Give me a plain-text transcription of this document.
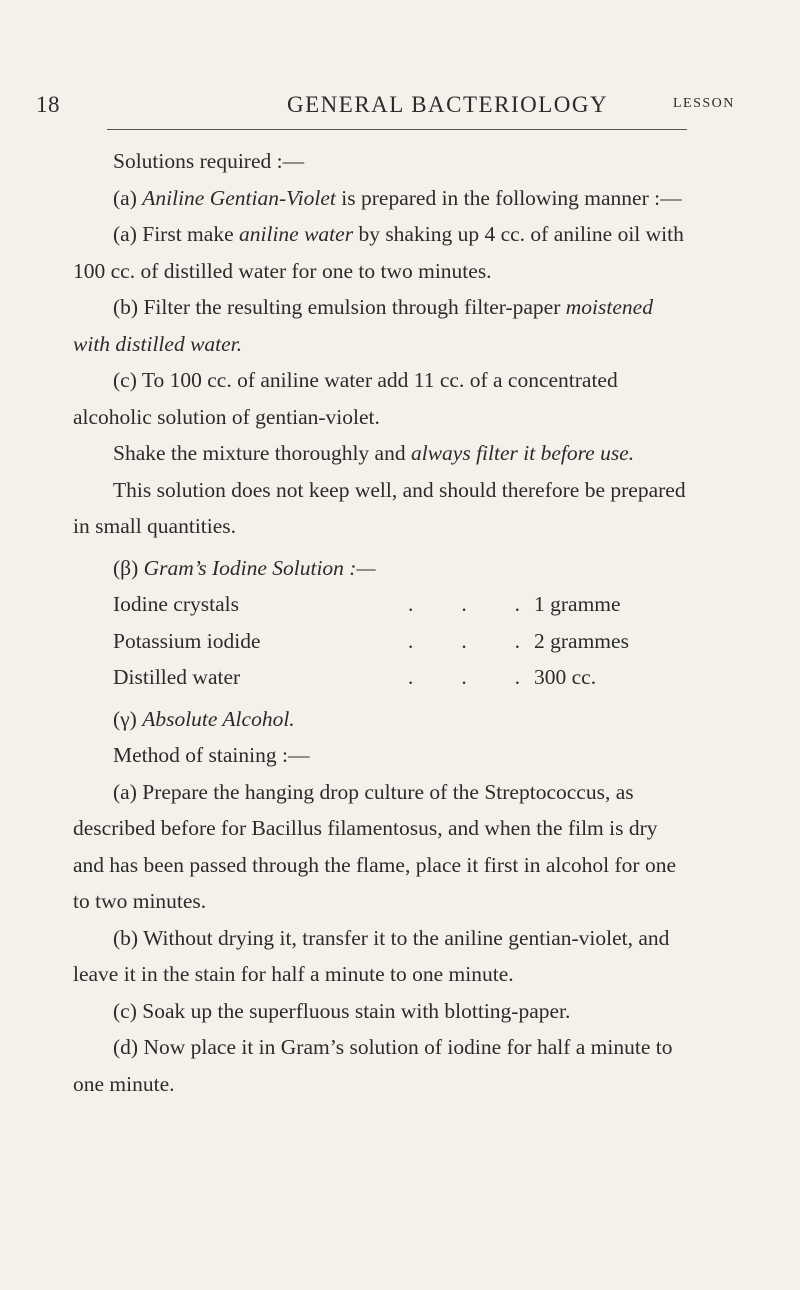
18	GENERAL BACTERIOLOGY	LESSON

Solutions required :—

(a) Aniline Gentian-Violet is prepared in the following manner :—

(a) First make aniline water by shaking up 4 cc. of aniline oil with 100 cc. of distilled water for one to two minutes.

(b) Filter the resulting emulsion through filter-paper moistened with distilled water.

(c) To 100 cc. of aniline water add 11 cc. of a concentrated alcoholic solution of gentian-violet.

Shake the mixture thoroughly and always filter it before use.

This solution does not keep well, and should therefore be prepared in small quantities.

(β) Gram’s Iodine Solution :—

Iodine crystals	. . . 1 gramme
Potassium iodide	. . . 2 grammes
Distilled water	. . . 300 cc.

(γ) Absolute Alcohol.

Method of staining :—

(a) Prepare the hanging drop culture of the Streptococcus, as described before for Bacillus filamentosus, and when the film is dry and has been passed through the flame, place it first in alcohol for one to two minutes.

(b) Without drying it, transfer it to the aniline gentian-violet, and leave it in the stain for half a minute to one minute.

(c) Soak up the superfluous stain with blotting-paper.

(d) Now place it in Gram’s solution of iodine for half a minute to one minute.
